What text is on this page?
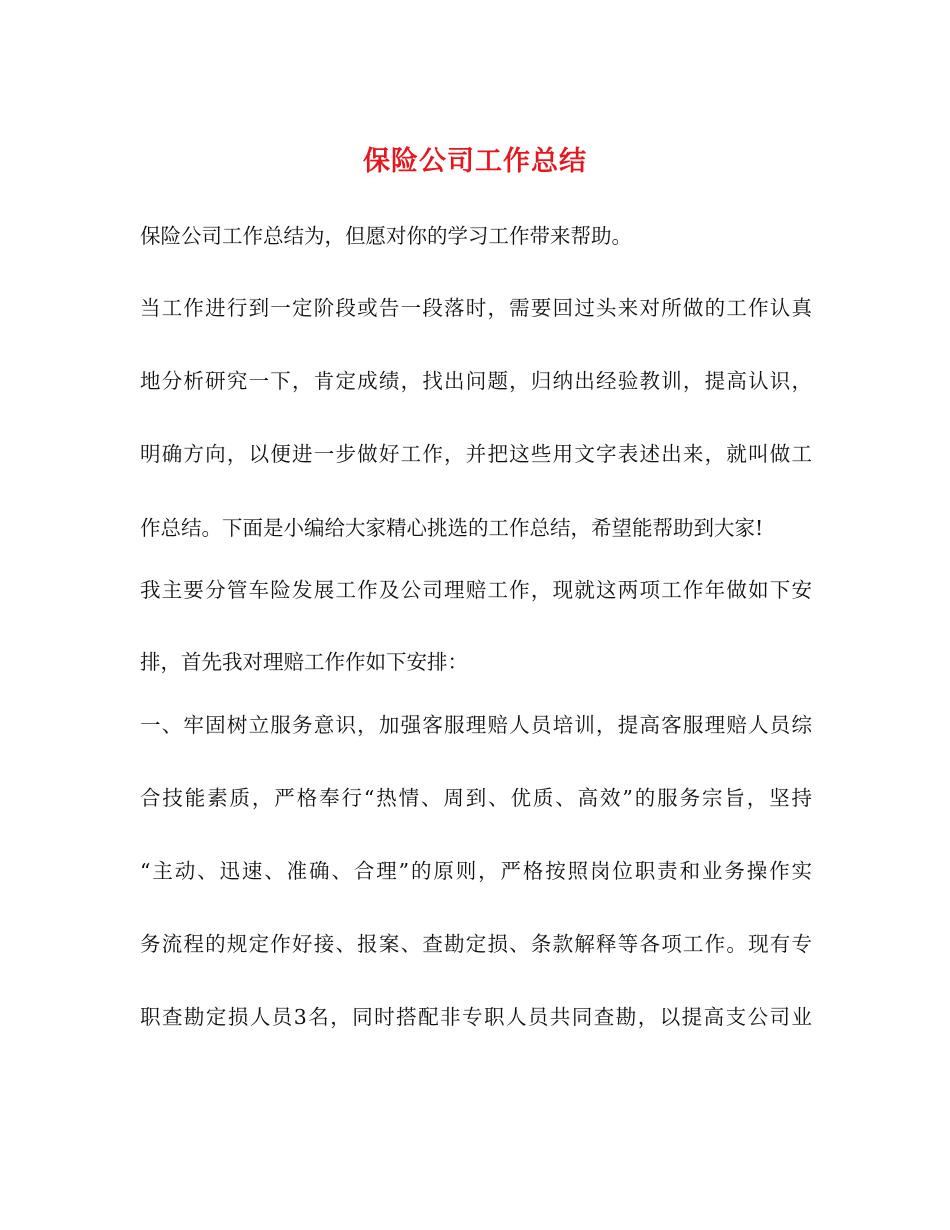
保险公司工作总结

保险公司工作总结为，但愿对你的学习工作带来帮助。

当工作进行到一定阶段或告一段落时，需要回过头来对所做的工作认真

地分析研究一下，肯定成绩，找出问题，归纳出经验教训，提高认识，

明确方向，以便进一步做好工作，并把这些用文字表述出来，就叫做工

作总结。下面是小编给大家精心挑选的工作总结，希望能帮助到大家!

我主要分管车险发展工作及公司理赔工作，现就这两项工作年做如下安

排，首先我对理赔工作作如下安排：

一、牢固树立服务意识，加强客服理赔人员培训，提高客服理赔人员综

合技能素质，严格奉行“热情、周到、优质、高效”的服务宗旨，坚持

“主动、迅速、准确、合理”的原则，严格按照岗位职责和业务操作实

务流程的规定作好接、报案、查勘定损、条款解释等各项工作。现有专

职查勘定损人员3名，同时搭配非专职人员共同查勘，以提高支公司业
